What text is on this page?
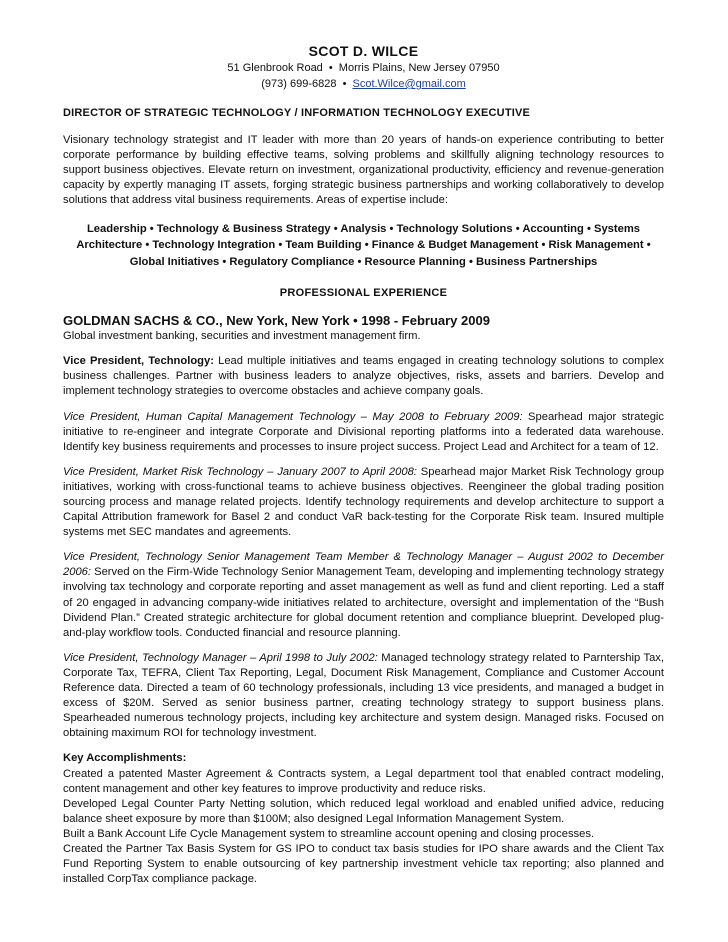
SCOT D. WILCE

51 Glenbrook Road • Morris Plains, New Jersey 07950

(973) 699-6828 • Scot.Wilce@gmail.com

DIRECTOR OF STRATEGIC TECHNOLOGY / INFORMATION TECHNOLOGY EXECUTIVE

Visionary technology strategist and IT leader with more than 20 years of hands-on experience contributing to better corporate performance by building effective teams, solving problems and skillfully aligning technology resources to support business objectives. Elevate return on investment, organizational productivity, efficiency and revenue-generation capacity by expertly managing IT assets, forging strategic business partnerships and working collaboratively to develop solutions that address vital business requirements. Areas of expertise include:

Leadership • Technology & Business Strategy • Analysis • Technology Solutions • Accounting • Systems Architecture • Technology Integration • Team Building • Finance & Budget Management • Risk Management • Global Initiatives • Regulatory Compliance • Resource Planning • Business Partnerships

PROFESSIONAL EXPERIENCE

GOLDMAN SACHS & CO., New York, New York • 1998 - February 2009

Global investment banking, securities and investment management firm.

Vice President, Technology: Lead multiple initiatives and teams engaged in creating technology solutions to complex business challenges. Partner with business leaders to analyze objectives, risks, assets and barriers. Develop and implement technology strategies to overcome obstacles and achieve company goals.

Vice President, Human Capital Management Technology – May 2008 to February 2009: Spearhead major strategic initiative to re-engineer and integrate Corporate and Divisional reporting platforms into a federated data warehouse. Identify key business requirements and processes to insure project success. Project Lead and Architect for a team of 12.

Vice President, Market Risk Technology – January 2007 to April 2008: Spearhead major Market Risk Technology group initiatives, working with cross-functional teams to achieve business objectives. Reengineer the global trading position sourcing process and manage related projects. Identify technology requirements and develop architecture to support a Capital Attribution framework for Basel 2 and conduct VaR back-testing for the Corporate Risk team. Insured multiple systems met SEC mandates and agreements.

Vice President, Technology Senior Management Team Member & Technology Manager – August 2002 to December 2006: Served on the Firm-Wide Technology Senior Management Team, developing and implementing technology strategy involving tax technology and corporate reporting and asset management as well as fund and client reporting. Led a staff of 20 engaged in advancing company-wide initiatives related to architecture, oversight and implementation of the “Bush Dividend Plan.” Created strategic architecture for global document retention and compliance blueprint. Developed plug-and-play workflow tools. Conducted financial and resource planning.

Vice President, Technology Manager – April 1998 to July 2002: Managed technology strategy related to Parntership Tax, Corporate Tax, TEFRA, Client Tax Reporting, Legal, Document Risk Management, Compliance and Customer Account Reference data. Directed a team of 60 technology professionals, including 13 vice presidents, and managed a budget in excess of $20M. Served as senior business partner, creating technology strategy to support business plans. Spearheaded numerous technology projects, including key architecture and system design. Managed risks. Focused on obtaining maximum ROI for technology investment.

Key Accomplishments:

Created a patented Master Agreement & Contracts system, a Legal department tool that enabled contract modeling, content management and other key features to improve productivity and reduce risks.

Developed Legal Counter Party Netting solution, which reduced legal workload and enabled unified advice, reducing balance sheet exposure by more than $100M; also designed Legal Information Management System.

Built a Bank Account Life Cycle Management system to streamline account opening and closing processes.

Created the Partner Tax Basis System for GS IPO to conduct tax basis studies for IPO share awards and the Client Tax Fund Reporting System to enable outsourcing of key partnership investment vehicle tax reporting; also planned and installed CorpTax compliance package.
